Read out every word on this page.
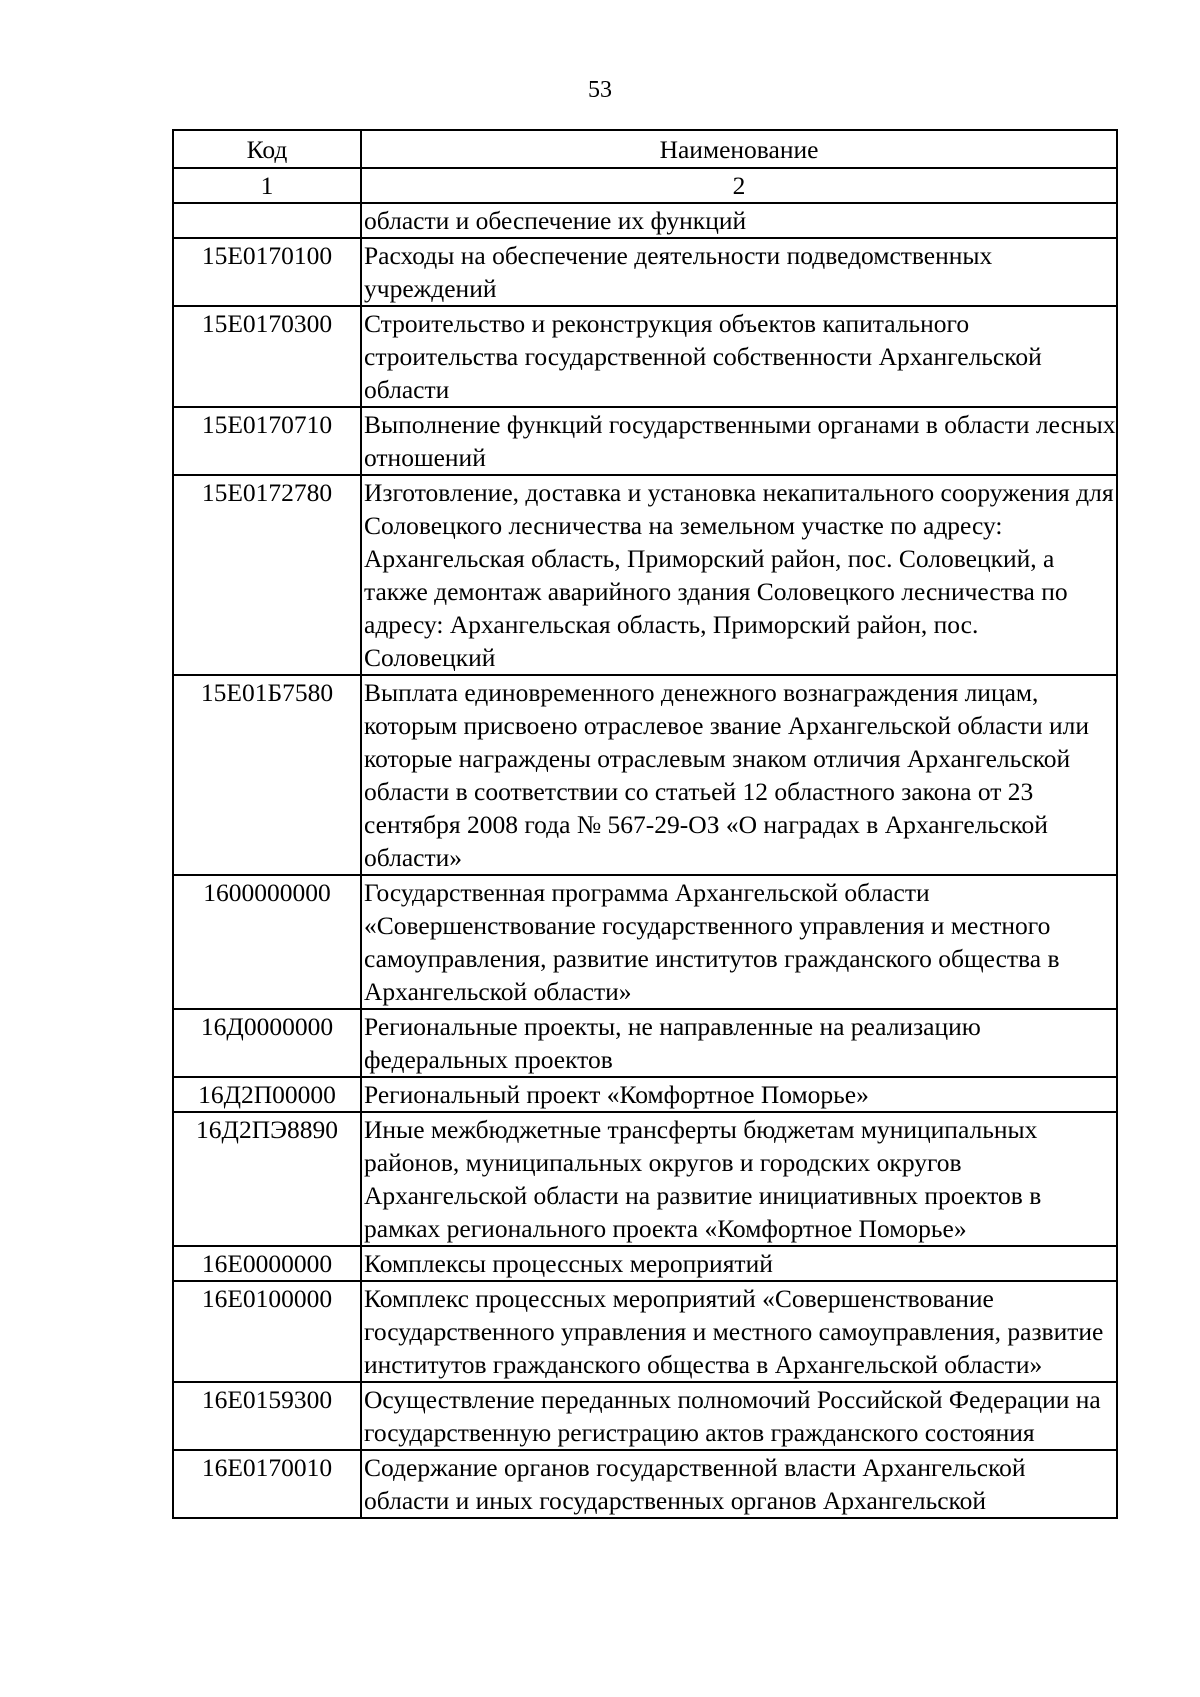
53
Код	Наименование
1	2
	области и обеспечение их функций
15Е0170100	Расходы на обеспечение деятельности подведомственных учреждений
15Е0170300	Строительство и реконструкция объектов капитального строительства государственной собственности Архангельской области
15Е0170710	Выполнение функций государственными органами в области лесных отношений
15Е0172780	Изготовление, доставка и установка некапитального сооружения для Соловецкого лесничества на земельном участке по адресу: Архангельская область, Приморский район, пос. Соловецкий, а также демонтаж аварийного здания Соловецкого лесничества по адресу: Архангельская область, Приморский район, пос. Соловецкий
15Е01Б7580	Выплата единовременного денежного вознаграждения лицам, которым присвоено отраслевое звание Архангельской области или которые награждены отраслевым знаком отличия Архангельской области в соответствии со статьей 12 областного закона от 23 сентября 2008 года № 567-29-ОЗ «О наградах в Архангельской области»
1600000000	Государственная программа Архангельской области «Совершенствование государственного управления и местного самоуправления, развитие институтов гражданского общества в Архангельской области»
16Д0000000	Региональные проекты, не направленные на реализацию федеральных проектов
16Д2П00000	Региональный проект «Комфортное Поморье»
16Д2ПЭ8890	Иные межбюджетные трансферты бюджетам муниципальных районов, муниципальных округов и городских округов Архангельской области на развитие инициативных проектов в рамках регионального проекта «Комфортное Поморье»
16Е0000000	Комплексы процессных мероприятий
16Е0100000	Комплекс процессных мероприятий «Совершенствование государственного управления и местного самоуправления, развитие институтов гражданского общества в Архангельской области»
16Е0159300	Осуществление переданных полномочий Российской Федерации на государственную регистрацию актов гражданского состояния
16Е0170010	Содержание органов государственной власти Архангельской области и иных государственных органов Архангельской
